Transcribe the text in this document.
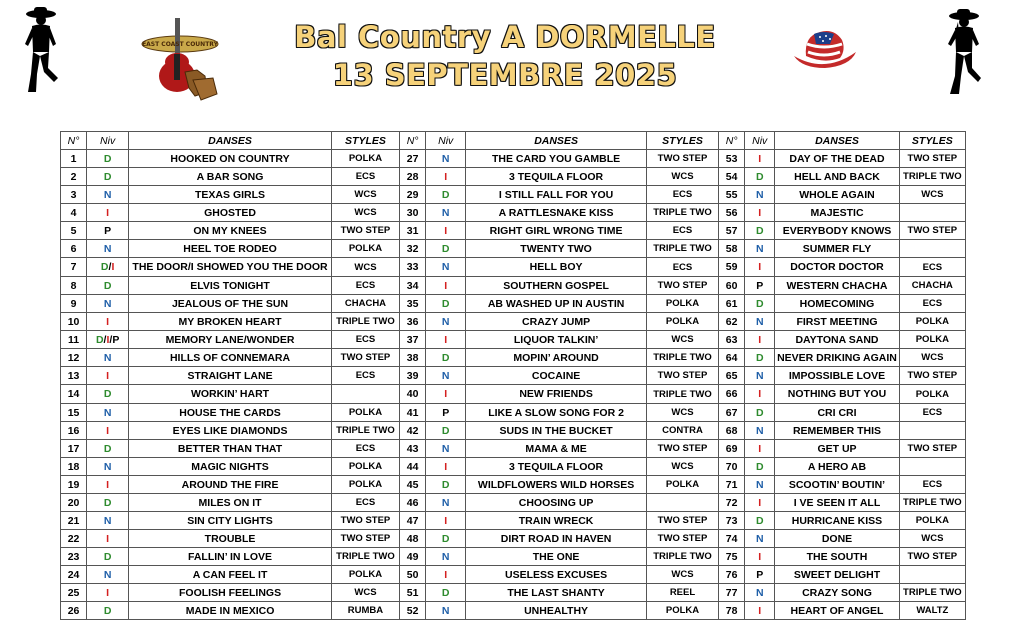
EAST COAST COUNTRY	Bal Country A DORMELLE
13 SEPTEMBRE 2025
N°	Niv	DANSES	STYLES	N°	Niv	DANSES	STYLES	N°	Niv	DANSES	STYLES
1	D	HOOKED ON COUNTRY	POLKA	27	N	THE CARD YOU GAMBLE	TWO STEP	53	I	DAY OF THE DEAD	TWO STEP
2	D	A BAR SONG	ECS	28	I	3 TEQUILA FLOOR	WCS	54	D	HELL AND BACK	TRIPLE TWO
3	N	TEXAS GIRLS	WCS	29	D	I STILL FALL FOR YOU	ECS	55	N	WHOLE AGAIN	WCS
4	I	GHOSTED	WCS	30	N	A RATTLESNAKE KISS	TRIPLE TWO	56	I	MAJESTIC	
5	P	ON MY KNEES	TWO STEP	31	I	RIGHT GIRL WRONG TIME	ECS	57	D	EVERYBODY KNOWS	TWO STEP
6	N	HEEL TOE RODEO	POLKA	32	D	TWENTY TWO	TRIPLE TWO	58	N	SUMMER FLY	
7	D/I	THE DOOR/I SHOWED YOU THE DOOR	WCS	33	N	HELL BOY	ECS	59	I	DOCTOR DOCTOR	ECS
8	D	ELVIS TONIGHT	ECS	34	I	SOUTHERN GOSPEL	TWO STEP	60	P	WESTERN CHACHA	CHACHA
9	N	JEALOUS OF THE SUN	CHACHA	35	D	AB WASHED UP IN AUSTIN	POLKA	61	D	HOMECOMING	ECS
10	I	MY BROKEN HEART	TRIPLE TWO	36	N	CRAZY JUMP	POLKA	62	N	FIRST MEETING	POLKA
11	D/I/P	MEMORY LANE/WONDER	ECS	37	I	LIQUOR TALKIN’	WCS	63	I	DAYTONA SAND	POLKA
12	N	HILLS OF CONNEMARA	TWO STEP	38	D	MOPIN’ AROUND	TRIPLE TWO	64	D	NEVER DRIKING AGAIN	WCS
13	I	STRAIGHT LANE	ECS	39	N	COCAINE	TWO STEP	65	N	IMPOSSIBLE LOVE	TWO STEP
14	D	WORKIN’ HART		40	I	NEW FRIENDS	TRIPLE TWO	66	I	NOTHING BUT YOU	POLKA
15	N	HOUSE THE CARDS	POLKA	41	P	LIKE A SLOW SONG FOR 2	WCS	67	D	CRI CRI	ECS
16	I	EYES LIKE DIAMONDS	TRIPLE TWO	42	D	SUDS IN THE BUCKET	CONTRA	68	N	REMEMBER THIS	
17	D	BETTER THAN THAT	ECS	43	N	MAMA & ME	TWO STEP	69	I	GET UP	TWO STEP
18	N	MAGIC NIGHTS	POLKA	44	I	3 TEQUILA FLOOR	WCS	70	D	A HERO AB	
19	I	AROUND THE FIRE	POLKA	45	D	WILDFLOWERS WILD HORSES	POLKA	71	N	SCOOTIN’ BOUTIN’	ECS
20	D	MILES ON IT	ECS	46	N	CHOOSING UP		72	I	I VE SEEN IT ALL	TRIPLE TWO
21	N	SIN CITY LIGHTS	TWO STEP	47	I	TRAIN WRECK	TWO STEP	73	D	HURRICANE KISS	POLKA
22	I	TROUBLE	TWO STEP	48	D	DIRT ROAD IN HAVEN	TWO STEP	74	N	DONE	WCS
23	D	FALLIN’ IN LOVE	TRIPLE TWO	49	N	THE ONE	TRIPLE TWO	75	I	THE SOUTH	TWO STEP
24	N	A CAN FEEL IT	POLKA	50	I	USELESS EXCUSES	WCS	76	P	SWEET DELIGHT	
25	I	FOOLISH FEELINGS	WCS	51	D	THE LAST SHANTY	REEL	77	N	CRAZY SONG	TRIPLE TWO
26	D	MADE IN MEXICO	RUMBA	52	N	UNHEALTHY	POLKA	78	I	HEART OF ANGEL	WALTZ
